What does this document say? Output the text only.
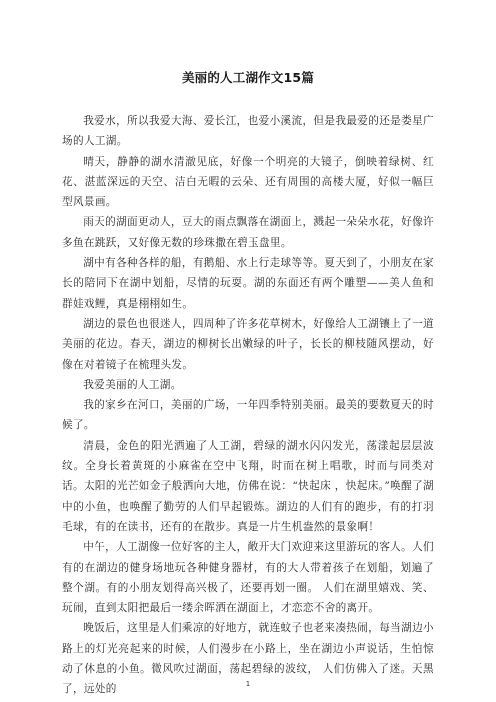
美丽的人工湖作文15篇

我爱水，所以我爱大海、爱长江，也爱小溪流，但是我最爱的还是娄星广场的人工湖。

晴天，静静的湖水清澈见底，好像一个明亮的大镜子，倒映着绿树、红花、湛蓝深远的天空、洁白无暇的云朵、还有周围的高楼大厦，好似一幅巨型风景画。

雨天的湖面更动人，豆大的雨点飘落在湖面上，溅起一朵朵水花，好像许多鱼在跳跃，又好像无数的珍珠撒在碧玉盘里。

湖中有各种各样的船，有鹅船、水上行走球等等。夏天到了，小朋友在家长的陪同下在湖中划船，尽情的玩耍。湖的东面还有两个雕塑——美人鱼和群娃戏鲤，真是栩栩如生。

湖边的景色也很迷人，四周种了许多花草树木，好像给人工湖镶上了一道美丽的花边。春天，湖边的柳树长出嫩绿的叶子，长长的柳枝随风摆动，好像在对着镜子在梳理头发。

我爱美丽的人工湖。

我的家乡在河口，美丽的广场，一年四季特别美丽。最美的要数夏天的时候了。

清晨，金色的阳光洒遍了人工湖，碧绿的湖水闪闪发光，荡漾起层层波纹。全身长着黄斑的小麻雀在空中飞翔，时而在树上唱歌，时而与同类对话。太阳的光芒如金子般洒向大地，仿佛在说：“快起床 ，快起床。”唤醒了湖中的小鱼，也唤醒了勤劳的人们早起锻炼。湖边的人们有的跑步，有的打羽毛球，有的在读书，还有的在散步。真是一片生机盎然的景象啊！

中午，人工湖像一位好客的主人，敞开大门欢迎来这里游玩的客人。人们有的在湖边的健身场地玩各种健身器材，有的大人带着孩子在划船，划遍了整个湖。有的小朋友划得高兴极了，还要再划一圈。 人们在湖里嬉戏、笑、玩闹，直到太阳把最后一缕余晖洒在湖面上，才恋恋不舍的离开。

晚饭后，这里是人们乘凉的好地方，就连蚊子也老来凑热闹，每当湖边小路上的灯光亮起来的时候，人们漫步在小路上，坐在湖边小声说话，生怕惊动了休息的小鱼。微风吹过湖面，荡起碧绿的波纹， 人们仿佛入了迷。天黑了，远处的	1
